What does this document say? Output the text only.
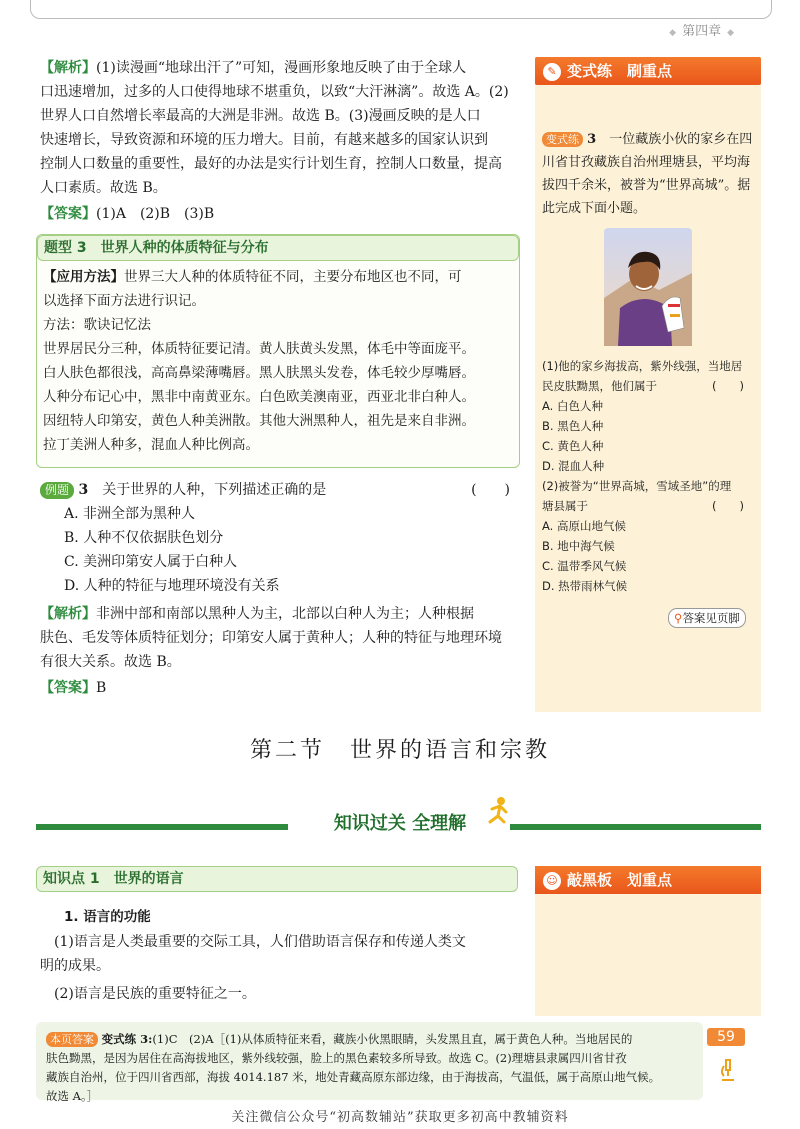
◆ 第四章 ◆

【解析】(1)读漫画“地球出汗了”可知，漫画形象地反映了由于全球人

口迅速增加，过多的人口使得地球不堪重负，以致“大汗淋漓”。故选 A。(2)

世界人口自然增长率最高的大洲是非洲。故选 B。(3)漫画反映的是人口

快速增长，导致资源和环境的压力增大。目前，有越来越多的国家认识到

控制人口数量的重要性，最好的办法是实行计划生育，控制人口数量，提高

人口素质。故选 B。

【答案】(1)A　(2)B　(3)B

题型 3　世界人种的体质特征与分布
【应用方法】世界三大人种的体质特征不同，主要分布地区也不同，可
以选择下面方法进行识记。
方法：歌诀记忆法
世界居民分三种，体质特征要记清。黄人肤黄头发黑，体毛中等面庞平。
白人肤色都很浅，高高鼻梁薄嘴唇。黑人肤黑头发卷，体毛较少厚嘴唇。
人种分布记心中，黑非中南黄亚东。白色欧美澳南亚，西亚北非白种人。
因纽特人印第安，黄色人种美洲散。其他大洲黑种人，祖先是来自非洲。
拉丁美洲人种多，混血人种比例高。
例题 3　 关于世界的人种，下列描述正确的是	(　　)
A. 非洲全部为黑种人
B. 人种不仅依据肤色划分
C. 美洲印第安人属于白种人
D. 人种的特征与地理环境没有关系

【解析】非洲中部和南部以黑种人为主，北部以白种人为主；人种根据

肤色、毛发等体质特征划分；印第安人属于黄种人；人种的特征与地理环境

有很大关系。故选 B。

【答案】B

✎ 变式练　 刷重点
变式练 3　 一位藏族小伙的家乡在四
川省甘孜藏族自治州理塘县，平均海
拔四千余米，被誉为“世界高城”。据
此完成下面小题。
(1)他的家乡海拔高，紫外线强，当地居
民皮肤黝黑，他们属于	(　　)
A. 白色人种
B. 黑色人种
C. 黄色人种
D. 混血人种
(2)被誉为“世界高城，雪域圣地”的理
塘县属于	(　　)
A. 高原山地气候
B. 地中海气候
C. 温带季风气候
D. 热带雨林气候
⚲答案见页脚
第二节　世界的语言和宗教
知识过关 全理解
知识点 1　世界的语言
1. 语言的功能

(1)语言是人类最重要的交际工具，人们借助语言保存和传递人类文

明的成果。

(2)语言是民族的重要特征之一。

☺ 敲黑板　 划重点
本页答案 变式练 3:(1)C　(2)A［(1)从体质特征来看，藏族小伙黑眼睛，头发黑且直，属于黄色人种。当地居民的
肤色黝黑，是因为居住在高海拔地区，紫外线较强，脸上的黑色素较多所导致。故选 C。(2)理塘县隶属四川省甘孜
藏族自治州，位于四川省西部，海拔 4014.187 米，地处青藏高原东部边缘，由于海拔高，气温低，属于高原山地气候。
故选 A。］
59
关注微信公众号“初高数辅站”获取更多初高中教辅资料
